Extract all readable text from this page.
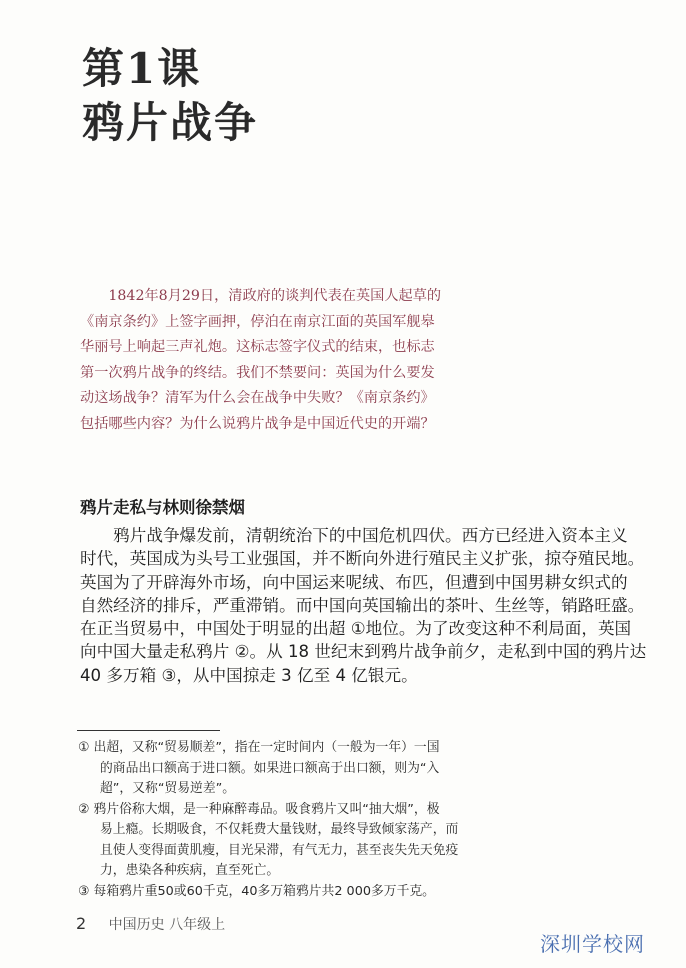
第1课
鸦片战争
　　1842年8月29日，清政府的谈判代表在英国人起草的
《南京条约》上签字画押，停泊在南京江面的英国军舰皋
华丽号上响起三声礼炮。这标志签字仪式的结束，也标志
第一次鸦片战争的终结。我们不禁要问：英国为什么要发
动这场战争？清军为什么会在战争中失败？《南京条约》
包括哪些内容？为什么说鸦片战争是中国近代史的开端？
鸦片走私与林则徐禁烟
　　鸦片战争爆发前，清朝统治下的中国危机四伏。西方已经进入资本主义
时代，英国成为头号工业强国，并不断向外进行殖民主义扩张，掠夺殖民地。
英国为了开辟海外市场，向中国运来呢绒、布匹，但遭到中国男耕女织式的
自然经济的排斥，严重滞销。而中国向英国输出的茶叶、生丝等，销路旺盛。
在正当贸易中，中国处于明显的出超 ①地位。为了改变这种不利局面，英国
向中国大量走私鸦片 ②。从 18 世纪末到鸦片战争前夕，走私到中国的鸦片达
40 多万箱 ③，从中国掠走 3 亿至 4 亿银元。
① 出超，又称“贸易顺差”，指在一定时间内（一般为一年）一国
的商品出口额高于进口额。如果进口额高于出口额，则为“入
超”，又称“贸易逆差”。
② 鸦片俗称大烟，是一种麻醉毒品。吸食鸦片又叫“抽大烟”，极
易上瘾。长期吸食，不仅耗费大量钱财，最终导致倾家荡产，而
且使人变得面黄肌瘦，目光呆滞，有气无力，甚至丧失先天免疫
力，患染各种疾病，直至死亡。
③ 每箱鸦片重50或60千克，40多万箱鸦片共2 000多万千克。
2 中国历史 八年级上
深圳学校网
